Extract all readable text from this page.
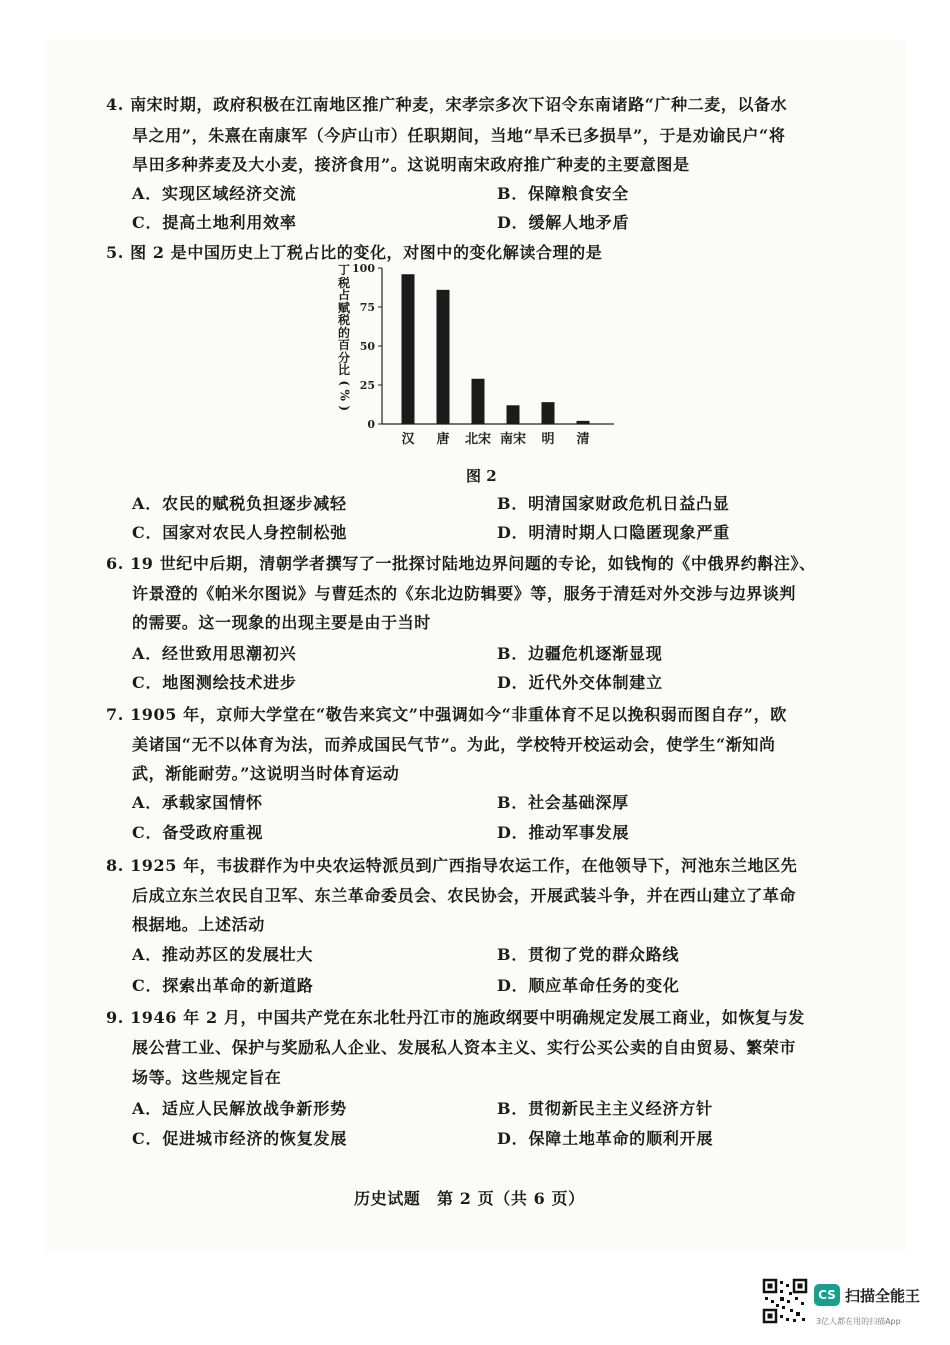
4. 南宋时期，政府积极在江南地区推广种麦，宋孝宗多次下诏令东南诸路“广种二麦，以备水
旱之用”，朱熹在南康军（今庐山市）任职期间，当地“旱禾已多损旱”，于是劝谕民户“将
旱田多种荞麦及大小麦，接济食用”。这说明南宋政府推广种麦的主要意图是
A．实现区域经济交流	B．保障粮食安全
C．提高土地利用效率	D．缓解人地矛盾
5. 图 2 是中国历史上丁税占比的变化，对图中的变化解读合理的是
丁
税
占
赋
税
的
百
分
比
(
%
)
100
75
50
25
0
汉 唐 北宋 南宋 明 清
图 2
A．农民的赋税负担逐步减轻	B．明清国家财政危机日益凸显
C．国家对农民人身控制松弛	D．明清时期人口隐匿现象严重
6. 19 世纪中后期，清朝学者撰写了一批探讨陆地边界问题的专论，如钱恂的《中俄界约斠注》、
许景澄的《帕米尔图说》与曹廷杰的《东北边防辑要》等，服务于清廷对外交涉与边界谈判
的需要。这一现象的出现主要是由于当时
A．经世致用思潮初兴	B．边疆危机逐渐显现
C．地图测绘技术进步	D．近代外交体制建立
7. 1905 年，京师大学堂在“敬告来宾文”中强调如今“非重体育不足以挽积弱而图自存”，欧
美诸国“无不以体育为法，而养成国民气节”。为此，学校特开校运动会，使学生“渐知尚
武，渐能耐劳。”这说明当时体育运动
A．承载家国情怀	B．社会基础深厚
C．备受政府重视	D．推动军事发展
8. 1925 年，韦拔群作为中央农运特派员到广西指导农运工作，在他领导下，河池东兰地区先
后成立东兰农民自卫军、东兰革命委员会、农民协会，开展武装斗争，并在西山建立了革命
根据地。上述活动
A．推动苏区的发展壮大	B．贯彻了党的群众路线
C．探索出革命的新道路	D．顺应革命任务的变化
9. 1946 年 2 月，中国共产党在东北牡丹江市的施政纲要中明确规定发展工商业，如恢复与发
展公营工业、保护与奖励私人企业、发展私人资本主义、实行公买公卖的自由贸易、繁荣市
场等。这些规定旨在
A．适应人民解放战争新形势	B．贯彻新民主主义经济方针
C．促进城市经济的恢复发展	D．保障土地革命的顺利开展
历史试题　第 2 页（共 6 页）
CS 扫描全能王
3亿人都在用的扫描App
